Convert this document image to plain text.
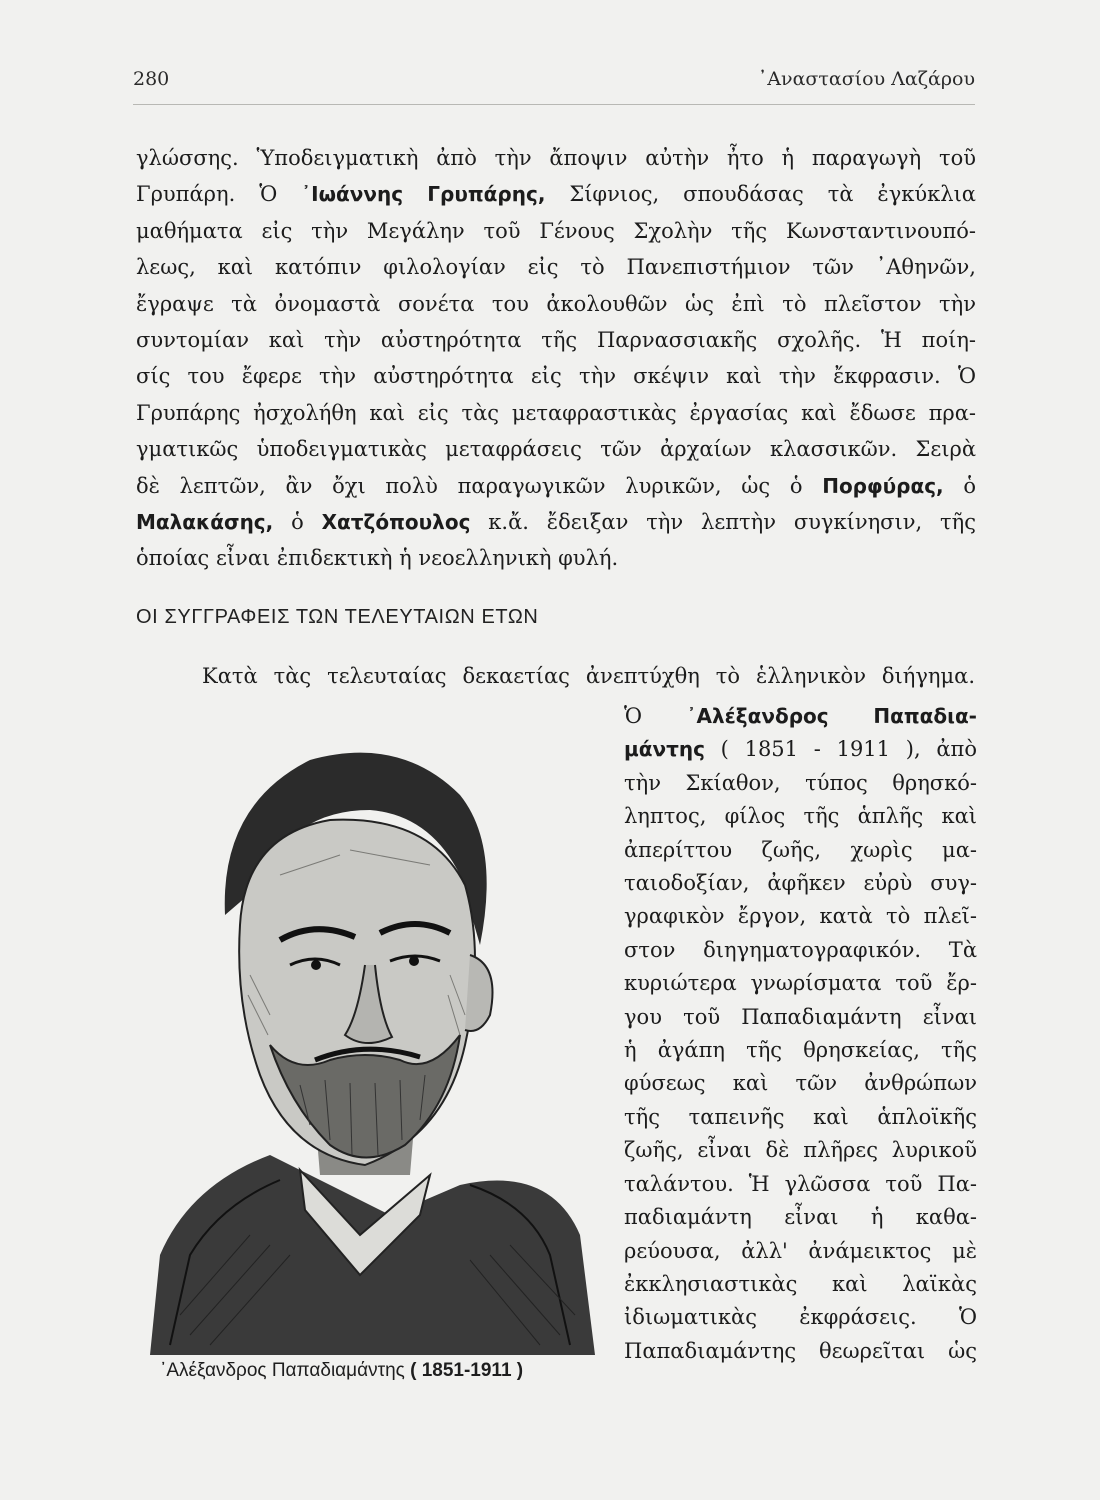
280	᾿Αναστασίου Λαζάρου

γλώσσης. Ὑποδειγματικὴ ἀπὸ τὴν ἄποψιν αὐτὴν ἦτο ἡ παραγωγὴ τοῦ
Γρυπάρη. Ὁ ᾿Ιωάννης Γρυπάρης, Σίφνιος, σπουδάσας τὰ ἐγκύκλια
μαθήματα εἰς τὴν Μεγάλην τοῦ Γένους Σχολὴν τῆς Κωνσταντινουπό-
λεως, καὶ κατόπιν φιλολογίαν εἰς τὸ Πανεπιστήμιον τῶν ᾿Αθηνῶν,
ἔγραψε τὰ ὀνομαστὰ σονέτα του ἀκολουθῶν ὡς ἐπὶ τὸ πλεῖστον τὴν
συντομίαν καὶ τὴν αὐστηρότητα τῆς Παρνασσιακῆς σχολῆς. Ἡ ποίη-
σίς του ἔφερε τὴν αὐστηρότητα εἰς τὴν σκέψιν καὶ τὴν ἔκφρασιν. Ὁ
Γρυπάρης ἠσχολήθη καὶ εἰς τὰς μεταφραστικὰς ἐργασίας καὶ ἔδωσε πρα-
γματικῶς ὑποδειγματικὰς μεταφράσεις τῶν ἀρχαίων κλασσικῶν. Σειρὰ
δὲ λεπτῶν, ἂν ὄχι πολὺ παραγωγικῶν λυρικῶν, ὡς ὁ Πορφύρας, ὁ
Μαλακάσης, ὁ Χατζόπουλος κ.ἄ. ἔδειξαν τὴν λεπτὴν συγκίνησιν, τῆς
ὁποίας εἶναι ἐπιδεκτικὴ ἡ νεοελληνικὴ φυλή.

ΟΙ ΣΥΓΓΡΑΦΕΙΣ ΤΩΝ ΤΕΛΕΥΤΑΙΩΝ ΕΤΩΝ
Κατὰ τὰς τελευταίας δεκαετίας ἀνεπτύχθη τὸ ἑλληνικὸν διήγημα.
Ὁ ᾿Αλέξανδρος Παπαδια-
μάντης ( 1851 - 1911 ), ἀπὸ
τὴν Σκίαθον, τύπος θρησκό-
ληπτος, φίλος τῆς ἁπλῆς καὶ
ἀπερίττου ζωῆς, χωρὶς μα-
ταιοδοξίαν, ἀφῆκεν εὐρὺ συγ-
γραφικὸν ἔργον, κατὰ τὸ πλεῖ-
στον διηγηματογραφικόν. Τὰ
κυριώτερα γνωρίσματα τοῦ ἔρ-
γου τοῦ Παπαδιαμάντη εἶναι
ἡ ἀγάπη τῆς θρησκείας, τῆς
φύσεως καὶ τῶν ἀνθρώπων
τῆς ταπεινῆς καὶ ἁπλοϊκῆς
ζωῆς, εἶναι δὲ πλῆρες λυρικοῦ
ταλάντου. Ἡ γλῶσσα τοῦ Πα-
παδιαμάντη εἶναι ἡ καθα-
ρεύουσα, ἀλλ' ἀνάμεικτος μὲ
ἐκκλησιαστικὰς καὶ λαϊκὰς
ἰδιωματικὰς ἐκφράσεις. Ὁ
Παπαδιαμάντης θεωρεῖται ὡς
᾿Αλέξανδρος Παπαδιαμάντης ( 1851-1911 )
